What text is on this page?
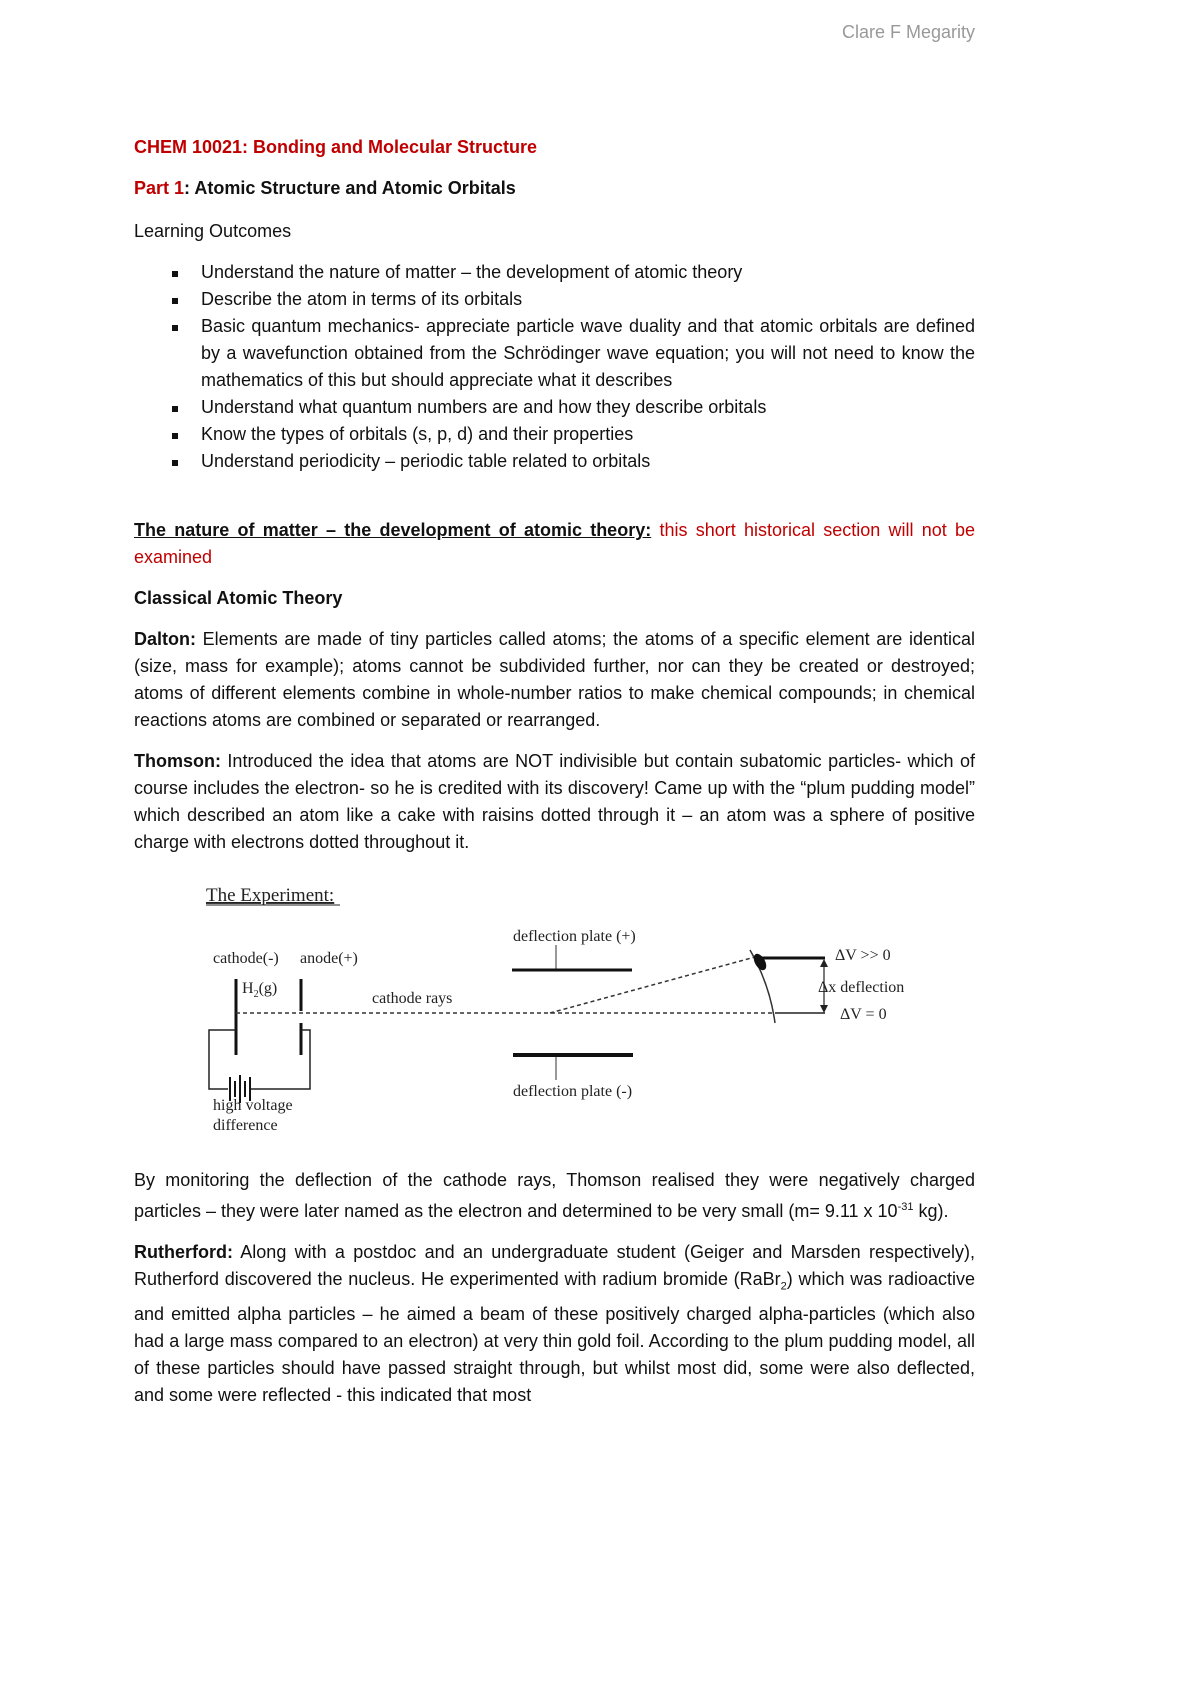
Clare F Megarity
CHEM 10021: Bonding and Molecular Structure
Part 1: Atomic Structure and Atomic Orbitals
Learning Outcomes
Understand the nature of matter – the development of atomic theory
Describe the atom in terms of its orbitals
Basic quantum mechanics- appreciate particle wave duality and that atomic orbitals are defined by a wavefunction obtained from the Schrödinger wave equation; you will not need to know the mathematics of this but should appreciate what it describes
Understand what quantum numbers are and how they describe orbitals
Know the types of orbitals (s, p, d) and their properties
Understand periodicity – periodic table related to orbitals

The nature of matter – the development of atomic theory: this short historical section will not be examined

Classical Atomic Theory

Dalton: Elements are made of tiny particles called atoms; the atoms of a specific element are identical (size, mass for example); atoms cannot be subdivided further, nor can they be created or destroyed; atoms of different elements combine in whole-number ratios to make chemical compounds; in chemical reactions atoms are combined or separated or rearranged.

Thomson: Introduced the idea that atoms are NOT indivisible but contain subatomic particles- which of course includes the electron- so he is credited with its discovery! Came up with the “plum pudding model” which described an atom like a cake with raisins dotted through it – an atom was a sphere of positive charge with electrons dotted throughout it.

The Experiment:
cathode(-) anode(+)
$H_2(g)$
high voltage
difference
cathode rays
deflection plate (+)
deflection plate (-)
ΔV >> 0
Δx deflection
ΔV = 0

By monitoring the deflection of the cathode rays, Thomson realised they were negatively charged particles – they were later named as the electron and determined to be very small (m= 9.11 x $10^{-31}$ kg).

Rutherford: Along with a postdoc and an undergraduate student (Geiger and Marsden respectively), Rutherford discovered the nucleus. He experimented with radium bromide (RaBr$_2$) which was radioactive and emitted alpha particles – he aimed a beam of these positively charged alpha-particles (which also had a large mass compared to an electron) at very thin gold foil. According to the plum pudding model, all of these particles should have passed straight through, but whilst most did, some were also deflected, and some were reflected - this indicated that most
